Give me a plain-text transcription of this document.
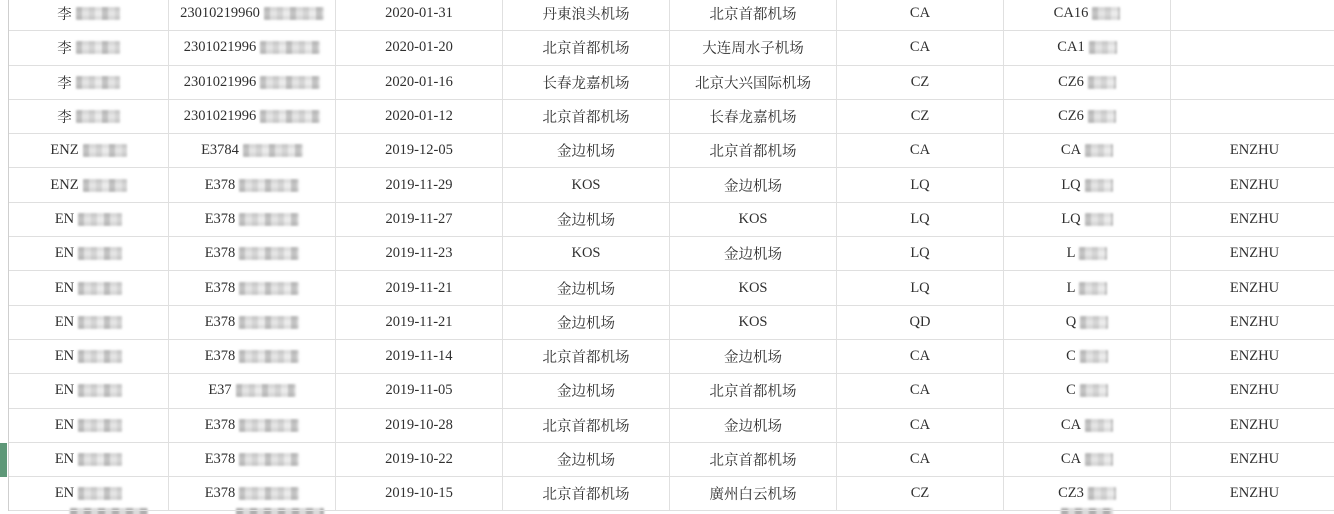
李	23010219960	2020-01-31	丹東浪头机场	北京首都机场	CA	CA16
李	2301021996	2020-01-20	北京首都机场	大连周水子机场	CA	CA1
李	2301021996	2020-01-16	长春龙嘉机场	北京大兴国际机场	CZ	CZ6
李	2301021996	2020-01-12	北京首都机场	长春龙嘉机场	CZ	CZ6
ENZ	E3784	2019-12-05	金边机场	北京首都机场	CA	CA	ENZHU
ENZ	E378	2019-11-29	KOS	金边机场	LQ	LQ	ENZHU
EN	E378	2019-11-27	金边机场	KOS	LQ	LQ	ENZHU
EN	E378	2019-11-23	KOS	金边机场	LQ	L	ENZHU
EN	E378	2019-11-21	金边机场	KOS	LQ	L	ENZHU
EN	E378	2019-11-21	金边机场	KOS	QD	Q	ENZHU
EN	E378	2019-11-14	北京首都机场	金边机场	CA	C	ENZHU
EN	E37	2019-11-05	金边机场	北京首都机场	CA	C	ENZHU
EN	E378	2019-10-28	北京首都机场	金边机场	CA	CA	ENZHU
EN	E378	2019-10-22	金边机场	北京首都机场	CA	CA	ENZHU
EN	E378	2019-10-15	北京首都机场	廣州白云机场	CZ	CZ3	ENZHU
